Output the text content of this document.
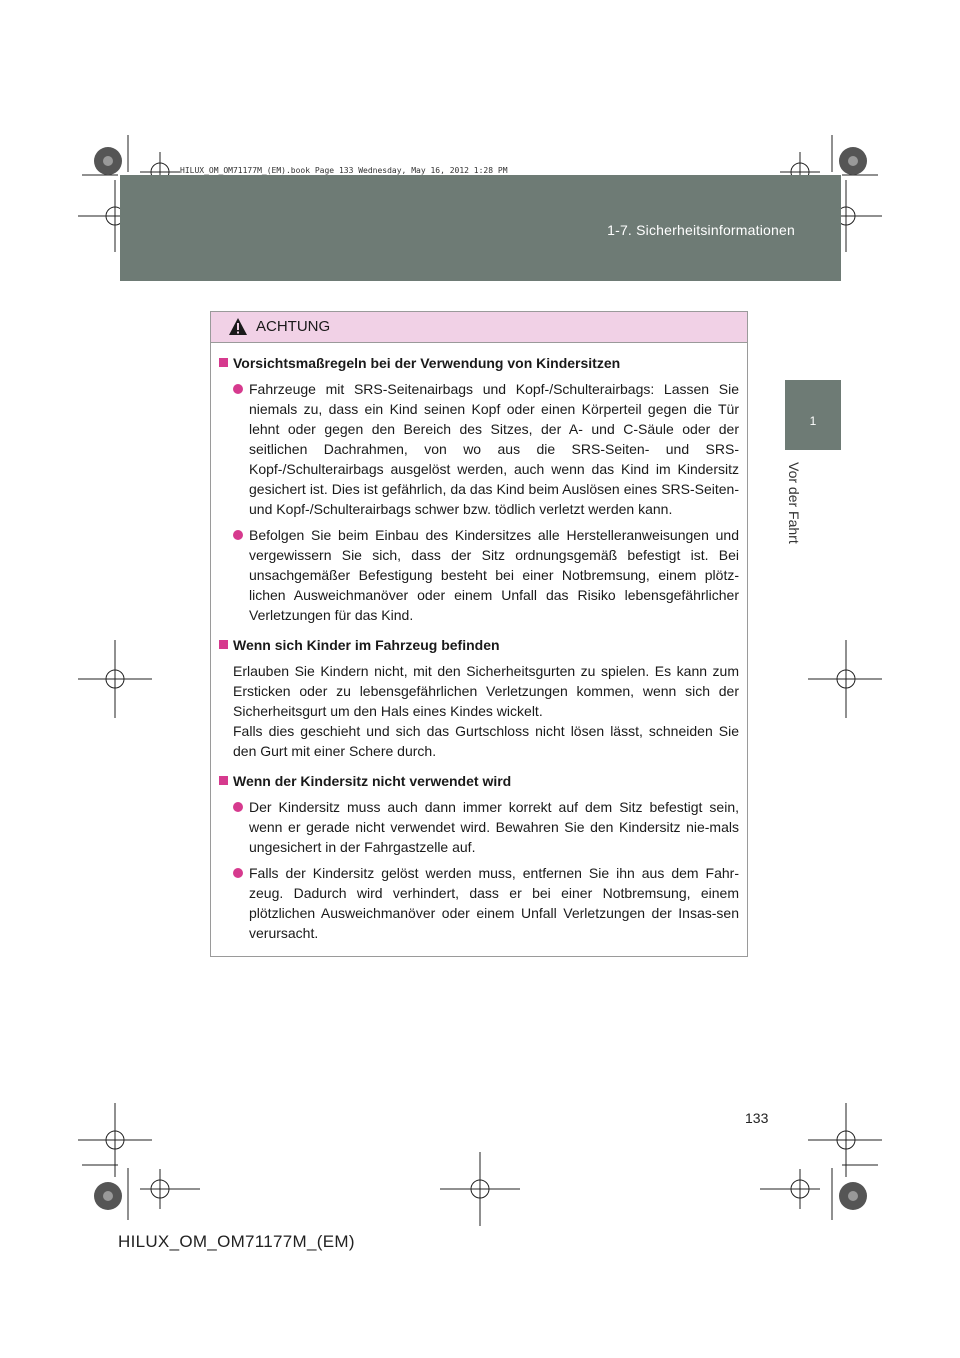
HILUX_OM_OM71177M_(EM).book Page 133 Wednesday, May 16, 2012 1:28 PM
1-7. Sicherheitsinformationen
1
Vor der Fahrt
ACHTUNG
Vorsichtsmaßregeln bei der Verwendung von Kindersitzen
Fahrzeuge mit SRS-Seitenairbags und Kopf-/Schulterairbags: Lassen Sie niemals zu, dass ein Kind seinen Kopf oder einen Körperteil gegen die Tür lehnt oder gegen den Bereich des Sitzes, der A- und C-Säule oder der seitlichen Dachrahmen, von wo aus die SRS-Seiten- und SRS-Kopf-/Schulterairbags ausgelöst werden, auch wenn das Kind im Kindersitz gesichert ist. Dies ist gefährlich, da das Kind beim Auslösen eines SRS-Seiten- und Kopf-/Schulterairbags schwer bzw. tödlich verletzt werden kann.
Befolgen Sie beim Einbau des Kindersitzes alle Herstelleranweisungen und vergewissern Sie sich, dass der Sitz ordnungsgemäß befestigt ist. Bei unsachgemäßer Befestigung besteht bei einer Notbremsung, einem plötz-lichen Ausweichmanöver oder einem Unfall das Risiko lebensgefährlicher Verletzungen für das Kind.
Wenn sich Kinder im Fahrzeug befinden
Erlauben Sie Kindern nicht, mit den Sicherheitsgurten zu spielen. Es kann zum Ersticken oder zu lebensgefährlichen Verletzungen kommen, wenn sich der Sicherheitsgurt um den Hals eines Kindes wickelt.
Falls dies geschieht und sich das Gurtschloss nicht lösen lässt, schneiden Sie den Gurt mit einer Schere durch.
Wenn der Kindersitz nicht verwendet wird
Der Kindersitz muss auch dann immer korrekt auf dem Sitz befestigt sein, wenn er gerade nicht verwendet wird. Bewahren Sie den Kindersitz nie-mals ungesichert in der Fahrgastzelle auf.
Falls der Kindersitz gelöst werden muss, entfernen Sie ihn aus dem Fahr-zeug. Dadurch wird verhindert, dass er bei einer Notbremsung, einem plötzlichen Ausweichmanöver oder einem Unfall Verletzungen der Insas-sen verursacht.
133
HILUX_OM_OM71177M_(EM)
